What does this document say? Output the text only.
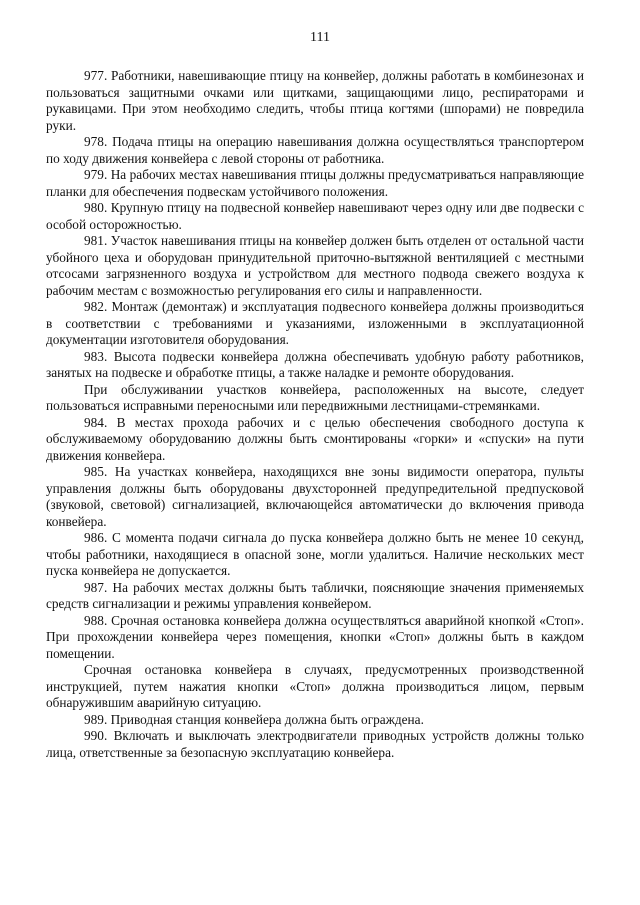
111

977. Работники, навешивающие птицу на конвейер, должны работать в комбинезонах и пользоваться защитными очками или щитками, защищающими лицо, респираторами и рукавицами. При этом необходимо следить, чтобы птица когтями (шпорами) не повредила руки.

978. Подача птицы на операцию навешивания должна осуществляться транспортером по ходу движения конвейера с левой стороны от работника.

979. На рабочих местах навешивания птицы должны предусматриваться направляющие планки для обеспечения подвескам устойчивого положения.

980. Крупную птицу на подвесной конвейер навешивают через одну или две подвески с особой осторожностью.

981. Участок навешивания птицы на конвейер должен быть отделен от остальной части убойного цеха и оборудован принудительной приточно-вытяжной вентиляцией с местными отсосами загрязненного воздуха и устройством для местного подвода свежего воздуха к рабочим местам с возможностью регулирования его силы и направленности.

982. Монтаж (демонтаж) и эксплуатация подвесного конвейера должны производиться в соответствии с требованиями и указаниями, изложенными в эксплуатационной документации изготовителя оборудования.

983. Высота подвески конвейера должна обеспечивать удобную работу работников, занятых на подвеске и обработке птицы, а также наладке и ремонте оборудования.

При обслуживании участков конвейера, расположенных на высоте, следует пользоваться исправными переносными или передвижными лестницами-стремянками.

984. В местах прохода рабочих и с целью обеспечения свободного доступа к обслуживаемому оборудованию должны быть смонтированы «горки» и «спуски» на пути движения конвейера.

985. На участках конвейера, находящихся вне зоны видимости оператора, пульты управления должны быть оборудованы двухсторонней предупредительной предпусковой (звуковой, световой) сигнализацией, включающейся автоматически до включения привода конвейера.

986. С момента подачи сигнала до пуска конвейера должно быть не менее 10 секунд, чтобы работники, находящиеся в опасной зоне, могли удалиться. Наличие нескольких мест пуска конвейера не допускается.

987. На рабочих местах должны быть таблички, поясняющие значения применяемых средств сигнализации и режимы управления конвейером.

988. Срочная остановка конвейера должна осуществляться аварийной кнопкой «Стоп». При прохождении конвейера через помещения, кнопки «Стоп» должны быть в каждом помещении.

Срочная остановка конвейера в случаях, предусмотренных производственной инструкцией, путем нажатия кнопки «Стоп» должна производиться лицом, первым обнаружившим аварийную ситуацию.

989. Приводная станция конвейера должна быть ограждена.

990. Включать и выключать электродвигатели приводных устройств должны только лица, ответственные за безопасную эксплуатацию конвейера.
